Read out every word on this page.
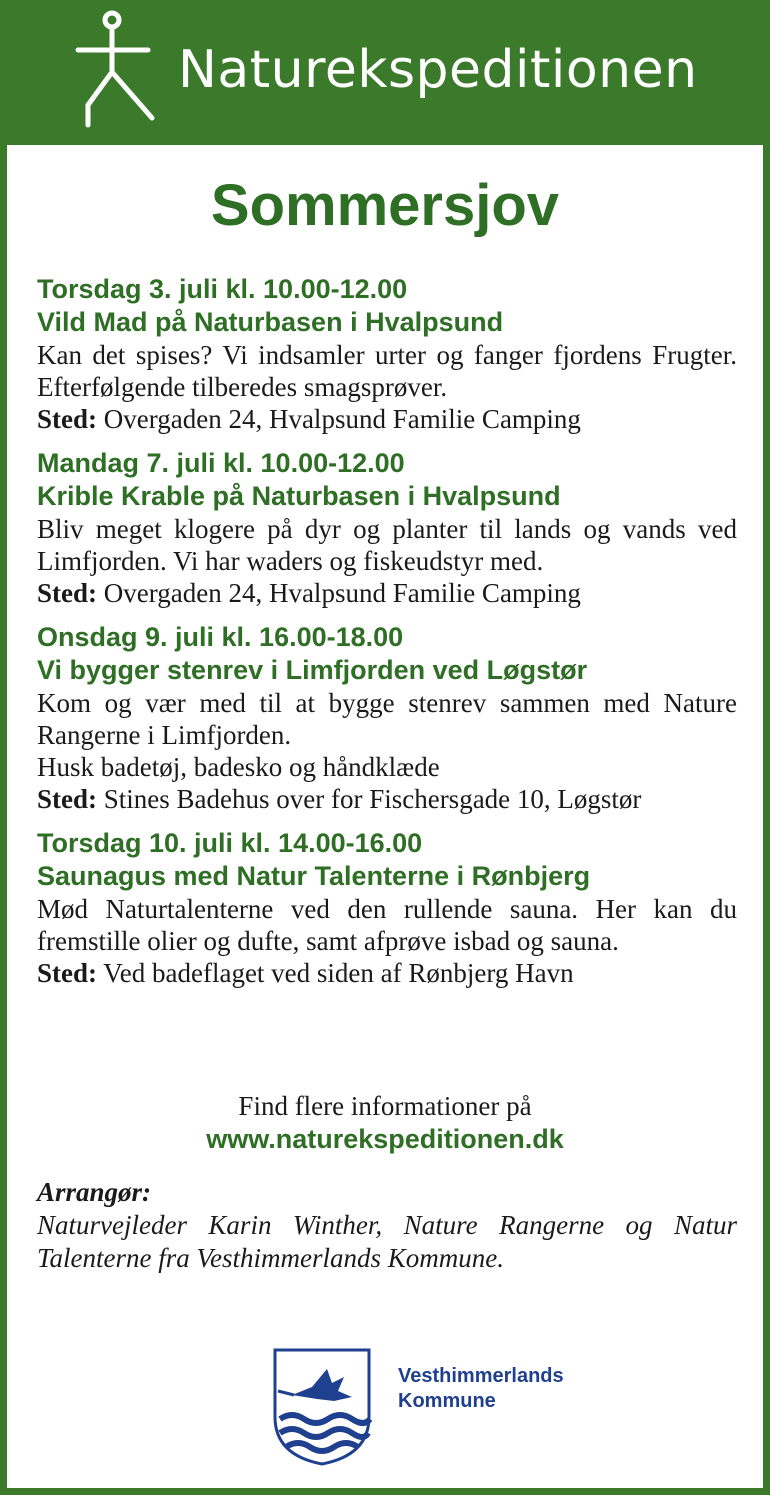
Naturekspeditionen
Sommersjov
Torsdag 3. juli kl. 10.00-12.00
Vild Mad på Naturbasen i Hvalpsund
Kan det spises? Vi indsamler urter og fanger fjordens Frugter. Efterfølgende tilberedes smagsprøver.
Sted: Overgaden 24, Hvalpsund Familie Camping
Mandag 7. juli kl. 10.00-12.00
Krible Krable på Naturbasen i Hvalpsund
Bliv meget klogere på dyr og planter til lands og vands ved Limfjorden. Vi har waders og fiskeudstyr med.
Sted: Overgaden 24, Hvalpsund Familie Camping
Onsdag 9. juli kl. 16.00-18.00
Vi bygger stenrev i Limfjorden ved Løgstør
Kom og vær med til at bygge stenrev sammen med Nature Rangerne i Limfjorden.
Husk badetøj, badesko og håndklæde
Sted: Stines Badehus over for Fischersgade 10, Løgstør
Torsdag 10. juli kl. 14.00-16.00
Saunagus med Natur Talenterne i Rønbjerg
Mød Naturtalenterne ved den rullende sauna. Her kan du fremstille olier og dufte, samt afprøve isbad og sauna.
Sted: Ved badeflaget ved siden af Rønbjerg Havn
Find flere informationer på
www.naturekspeditionen.dk
Arrangør:
Naturvejleder Karin Winther, Nature Rangerne og Natur Talenterne fra Vesthimmerlands Kommune.
Vesthimmerlands
Kommune
